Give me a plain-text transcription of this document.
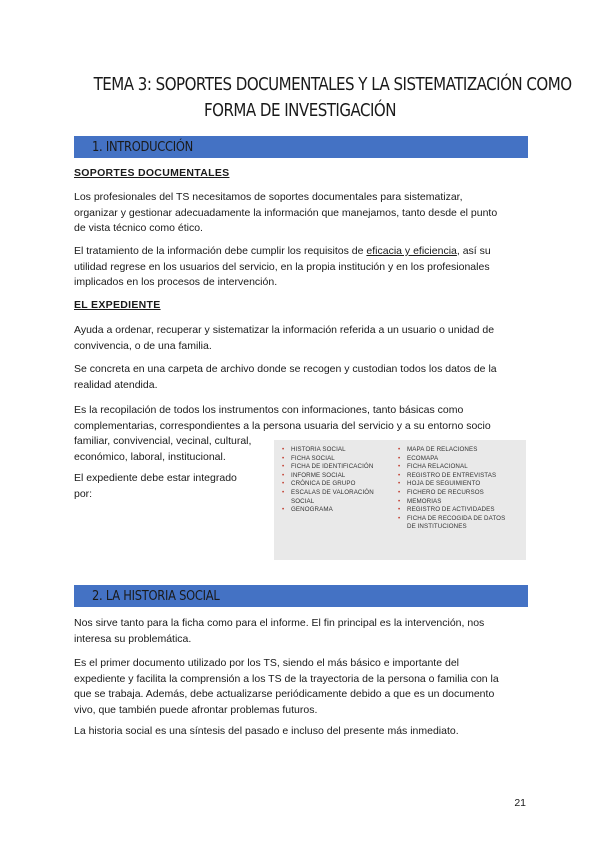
TEMA 3: SOPORTES DOCUMENTALES Y LA SISTEMATIZACIÓN COMO
FORMA DE INVESTIGACIÓN
1. INTRODUCCIÓN
SOPORTES DOCUMENTALES
Los profesionales del TS necesitamos de soportes documentales para sistematizar,
organizar y gestionar adecuadamente la información que manejamos, tanto desde el punto
de vista técnico como ético.
El tratamiento de la información debe cumplir los requisitos de eficacia y eficiencia, así su
utilidad regrese en los usuarios del servicio, en la propia institución y en los profesionales
implicados en los procesos de intervención.
EL EXPEDIENTE
Ayuda a ordenar, recuperar y sistematizar la información referida a un usuario o unidad de
convivencia, o de una familia.
Se concreta en una carpeta de archivo donde se recogen y custodian todos los datos de la
realidad atendida.
Es la recopilación de todos los instrumentos con informaciones, tanto básicas como
complementarias, correspondientes a la persona usuaria del servicio y a su entorno socio
familiar, convivencial, vecinal, cultural,
económico, laboral, institucional.
El expediente debe estar integrado
por:
• HISTORIA SOCIAL
• FICHA SOCIAL
• FICHA DE IDENTIFICACIÓN
• INFORME SOCIAL
• CRÓNICA DE GRUPO
• ESCALAS DE VALORACIÓN
SOCIAL
• GENOGRAMA
• MAPA DE RELACIONES
• ECOMAPA
• FICHA RELACIONAL
• REGISTRO DE ENTREVISTAS
• HOJA DE SEGUIMIENTO
• FICHERO DE RECURSOS
• MEMORIAS
• REGISTRO DE ACTIVIDADES
• FICHA DE RECOGIDA DE DATOS
DE INSTITUCIONES
2. LA HISTORIA SOCIAL
Nos sirve tanto para la ficha como para el informe. El fin principal es la intervención, nos
interesa su problemática.
Es el primer documento utilizado por los TS, siendo el más básico e importante del
expediente y facilita la comprensión a los TS de la trayectoria de la persona o familia con la
que se trabaja. Además, debe actualizarse periódicamente debido a que es un documento
vivo, que también puede afrontar problemas futuros.
La historia social es una síntesis del pasado e incluso del presente más inmediato.
21
